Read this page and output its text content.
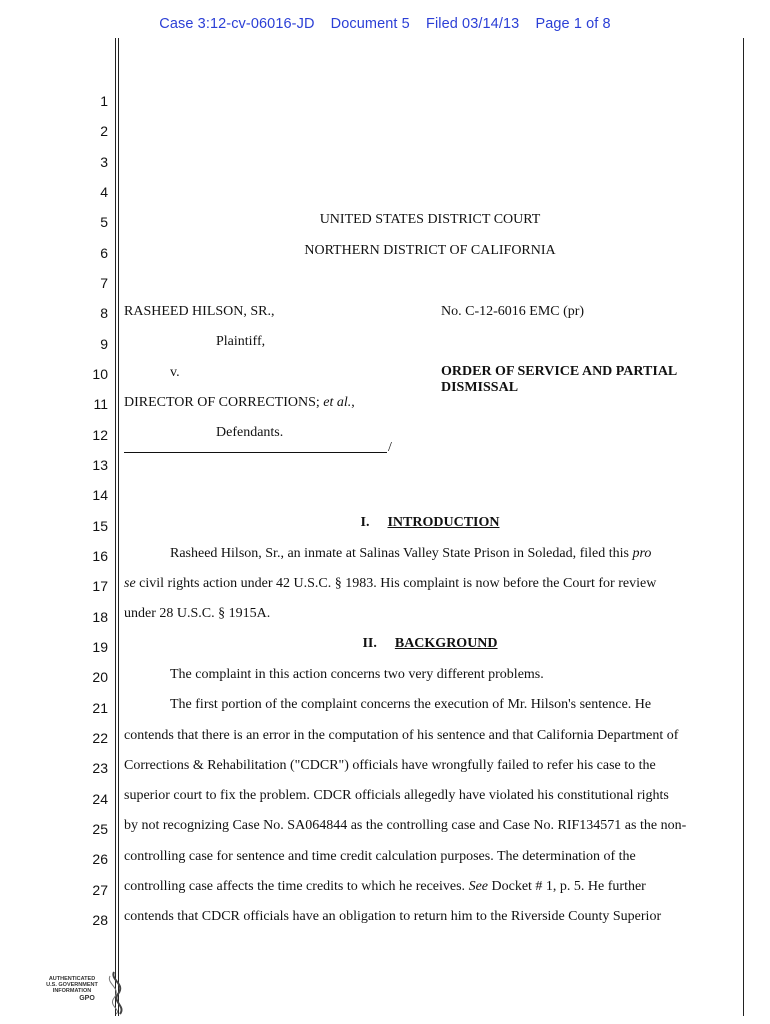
Case 3:12-cv-06016-JD Document 5 Filed 03/14/13 Page 1 of 8
1
2
3
4
5
6
7
8
9
10
11
12
13
14
15
16
17
18
19
20
21
22
23
24
25
26
27
28
UNITED STATES DISTRICT COURT
NORTHERN DISTRICT OF CALIFORNIA
RASHEED HILSON, SR.,	No. C-12-6016 EMC (pr)
Plaintiff,
v.	ORDER OF SERVICE AND PARTIAL
DISMISSAL
DIRECTOR OF CORRECTIONS; et al.,
Defendants.
/
I. INTRODUCTION
Rasheed Hilson, Sr., an inmate at Salinas Valley State Prison in Soledad, filed this pro
se civil rights action under 42 U.S.C. § 1983. His complaint is now before the Court for review
under 28 U.S.C. § 1915A.
II. BACKGROUND
The complaint in this action concerns two very different problems.
The first portion of the complaint concerns the execution of Mr. Hilson's sentence. He
contends that there is an error in the computation of his sentence and that California Department of
Corrections & Rehabilitation ("CDCR") officials have wrongfully failed to refer his case to the
superior court to fix the problem. CDCR officials allegedly have violated his constitutional rights
by not recognizing Case No. SA064844 as the controlling case and Case No. RIF134571 as the non-
controlling case for sentence and time credit calculation purposes. The determination of the
controlling case affects the time credits to which he receives. See Docket # 1, p. 5. He further
contends that CDCR officials have an obligation to return him to the Riverside County Superior
AUTHENTICATED
U.S. GOVERNMENT
INFORMATION
GPO
